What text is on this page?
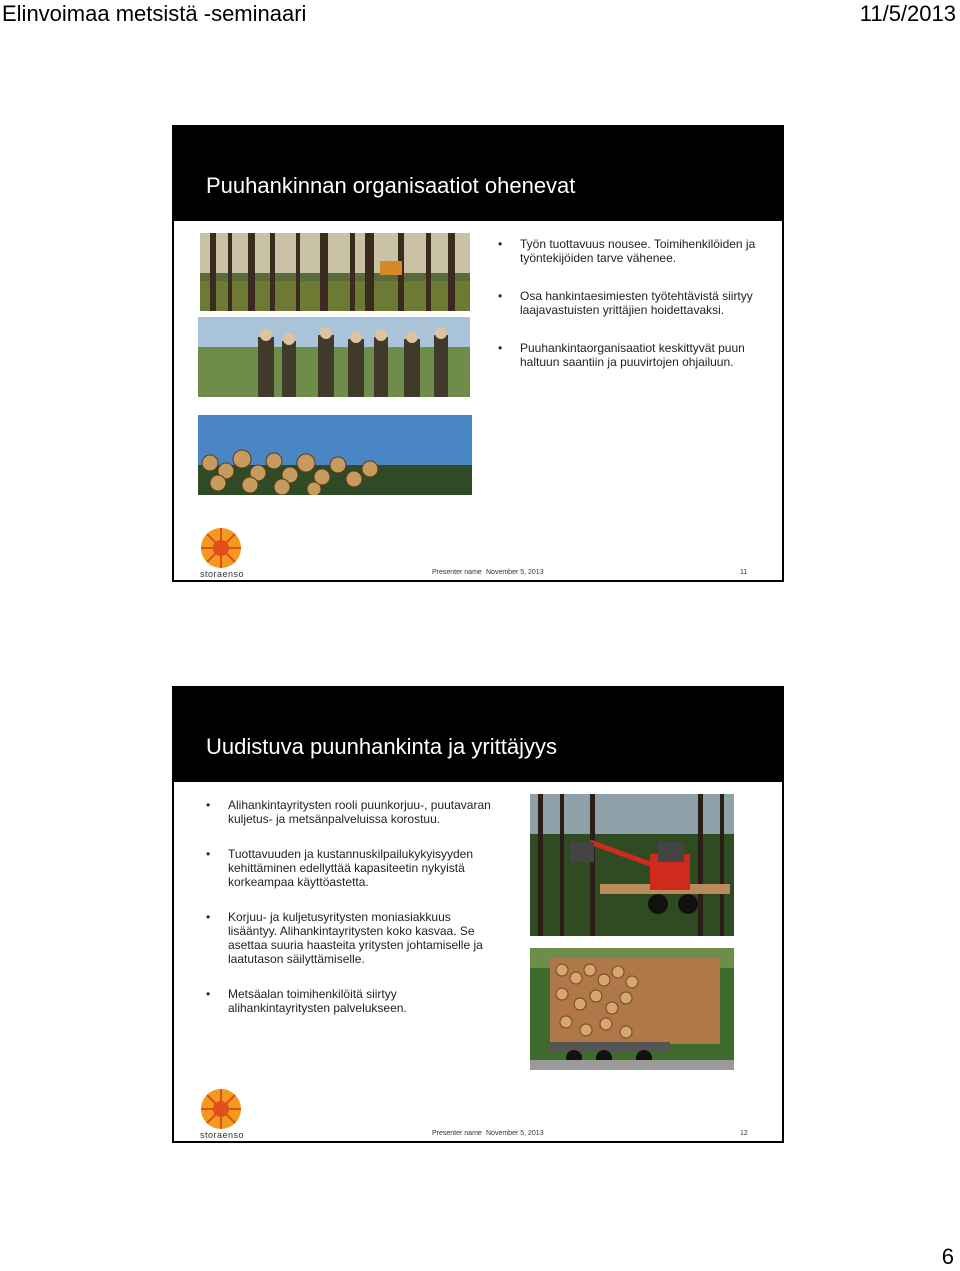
Elinvoimaa metsistä -seminaari	11/5/2013
Puuhankinnan organisaatiot ohenevat
• Työn tuottavuus nousee. Toimihenkilöiden ja työntekijöiden tarve vähenee.
• Osa hankintaesimiesten työtehtävistä siirtyy laajavastuisten yrittäjien hoidettavaksi.
• Puuhankintaorganisaatiot keskittyvät puun haltuun saantiin ja puuvirtojen ohjailuun.
storaenso	Presenter name November 5, 2013	11
Uudistuva puunhankinta ja yrittäjyys
• Alihankintayritysten rooli puunkorjuu-, puutavaran kuljetus- ja metsänpalveluissa korostuu.
• Tuottavuuden ja kustannuskilpailukykyisyyden kehittäminen edellyttää kapasiteetin nykyistä korkeampaa käyttöastetta.
• Korjuu- ja kuljetusyritysten moniasiakkuus lisääntyy. Alihankintayritysten koko kasvaa. Se asettaa suuria haasteita yritysten johtamiselle ja laatutason säilyttämiselle.
• Metsäalan toimihenkilöitä siirtyy alihankintayritysten palvelukseen.
storaenso	Presenter name November 5, 2013	12
6
